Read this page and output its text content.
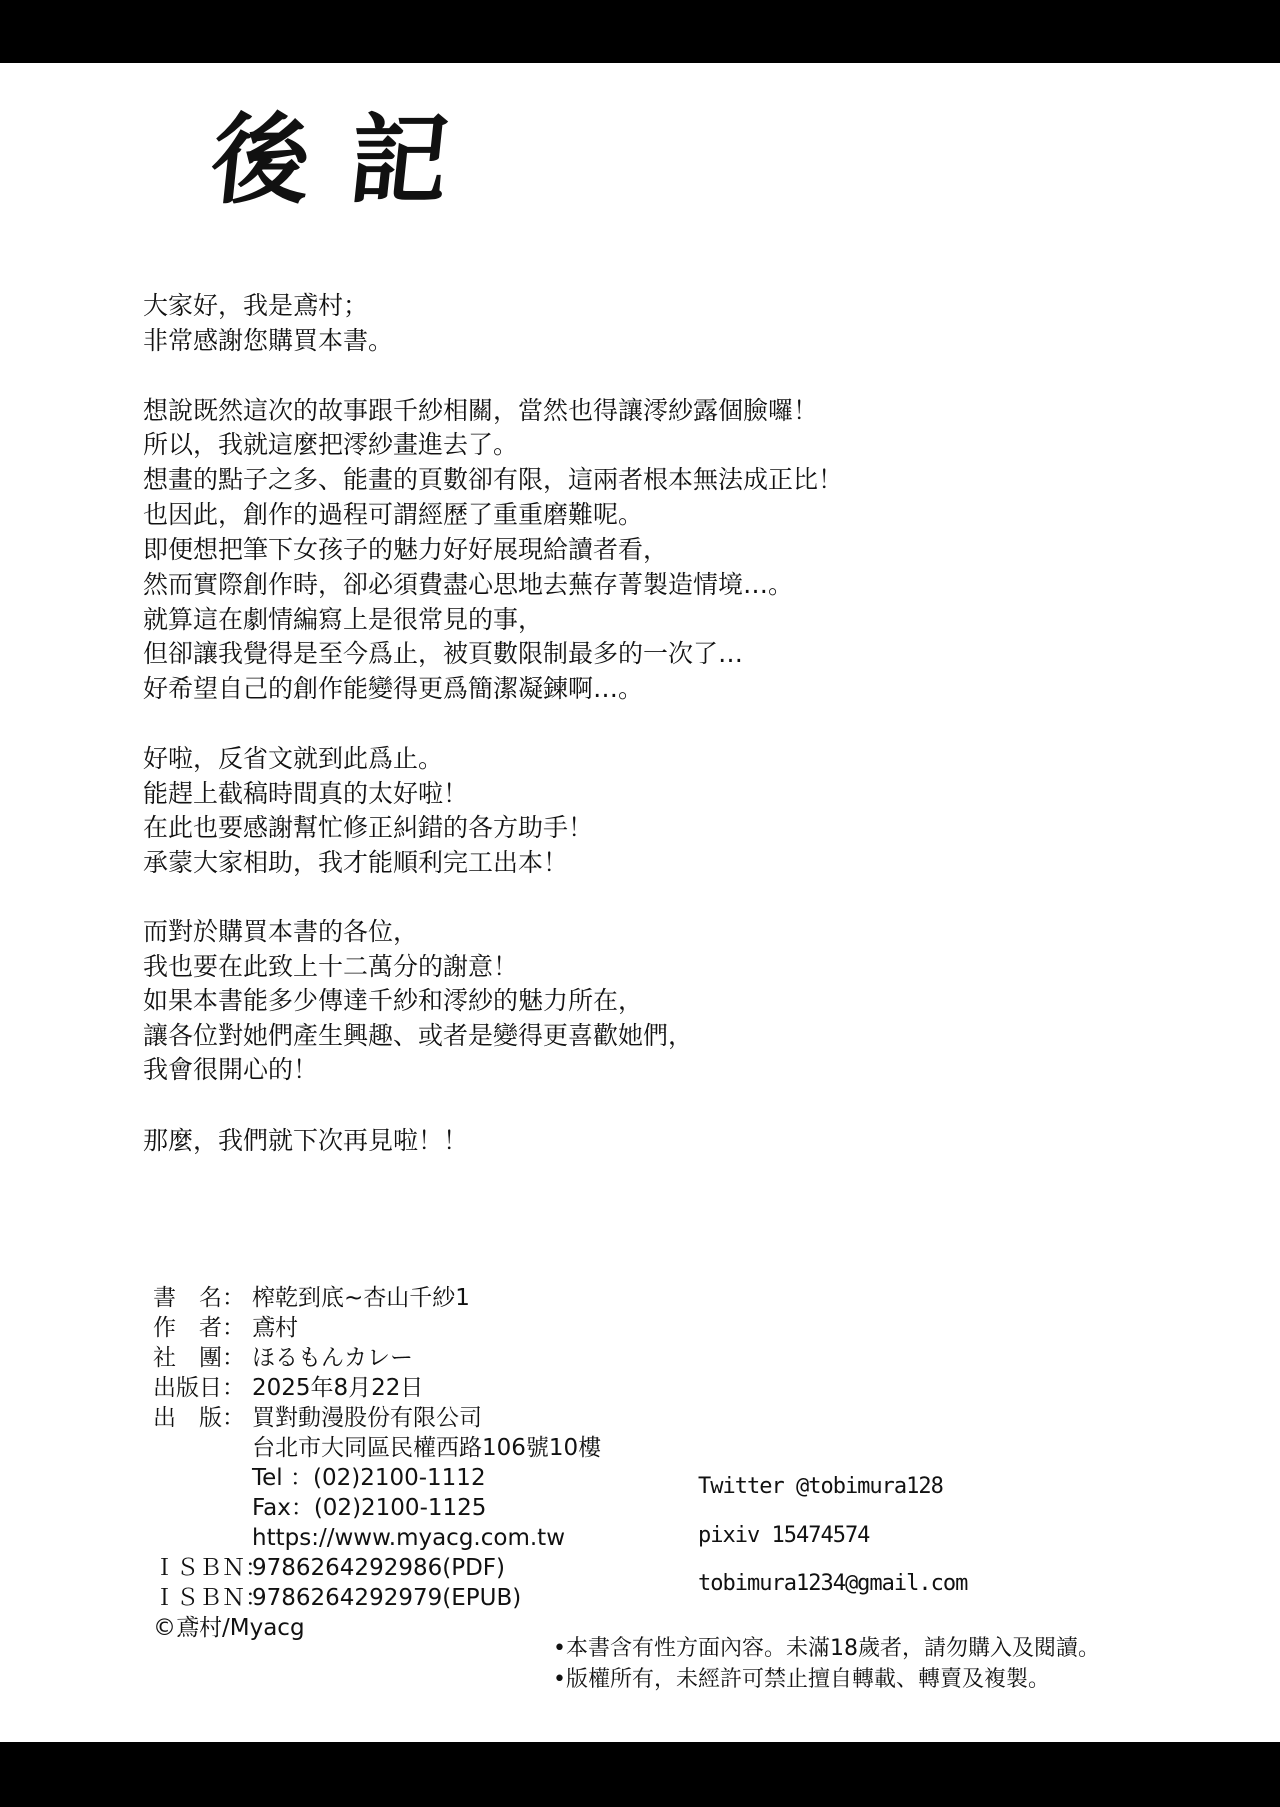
後記
大家好，我是鳶村；
非常感謝您購買本書。
想說既然這次的故事跟千紗相關，當然也得讓澪紗露個臉囉！
所以，我就這麼把澪紗畫進去了。
想畫的點子之多、能畫的頁數卻有限，這兩者根本無法成正比！
也因此，創作的過程可謂經歷了重重磨難呢。
即便想把筆下女孩子的魅力好好展現給讀者看，
然而實際創作時，卻必須費盡心思地去蕪存菁製造情境…。
就算這在劇情編寫上是很常見的事，
但卻讓我覺得是至今爲止，被頁數限制最多的一次了…
好希望自己的創作能變得更爲簡潔凝鍊啊…。
好啦，反省文就到此爲止。
能趕上截稿時間真的太好啦！
在此也要感謝幫忙修正糾錯的各方助手！
承蒙大家相助，我才能順利完工出本！
而對於購買本書的各位，
我也要在此致上十二萬分的謝意！
如果本書能多少傳達千紗和澪紗的魅力所在，
讓各位對她們產生興趣、或者是變得更喜歡她們，
我會很開心的！
那麼，我們就下次再見啦！！
書　名： 榨乾到底~杏山千紗1
作　者： 鳶村
社　團： ほるもんカレー
出版日： 2025年8月22日
出　版： 買對動漫股份有限公司
台北市大同區民權西路106號10樓
Tel ：(02)2100-1112
Fax：(02)2100-1125
https://www.myacg.com.tw
ＩＳＢＮ：
9786264292986(PDF)
ＩＳＢＮ：
9786264292979(EPUB)
©鳶村/Myacg
Twitter @tobimura128
pixiv 15474574
tobimura1234@gmail.com
•本書含有性方面內容。未滿18歲者，請勿購入及閱讀。
•版權所有，未經許可禁止擅自轉載、轉賣及複製。
